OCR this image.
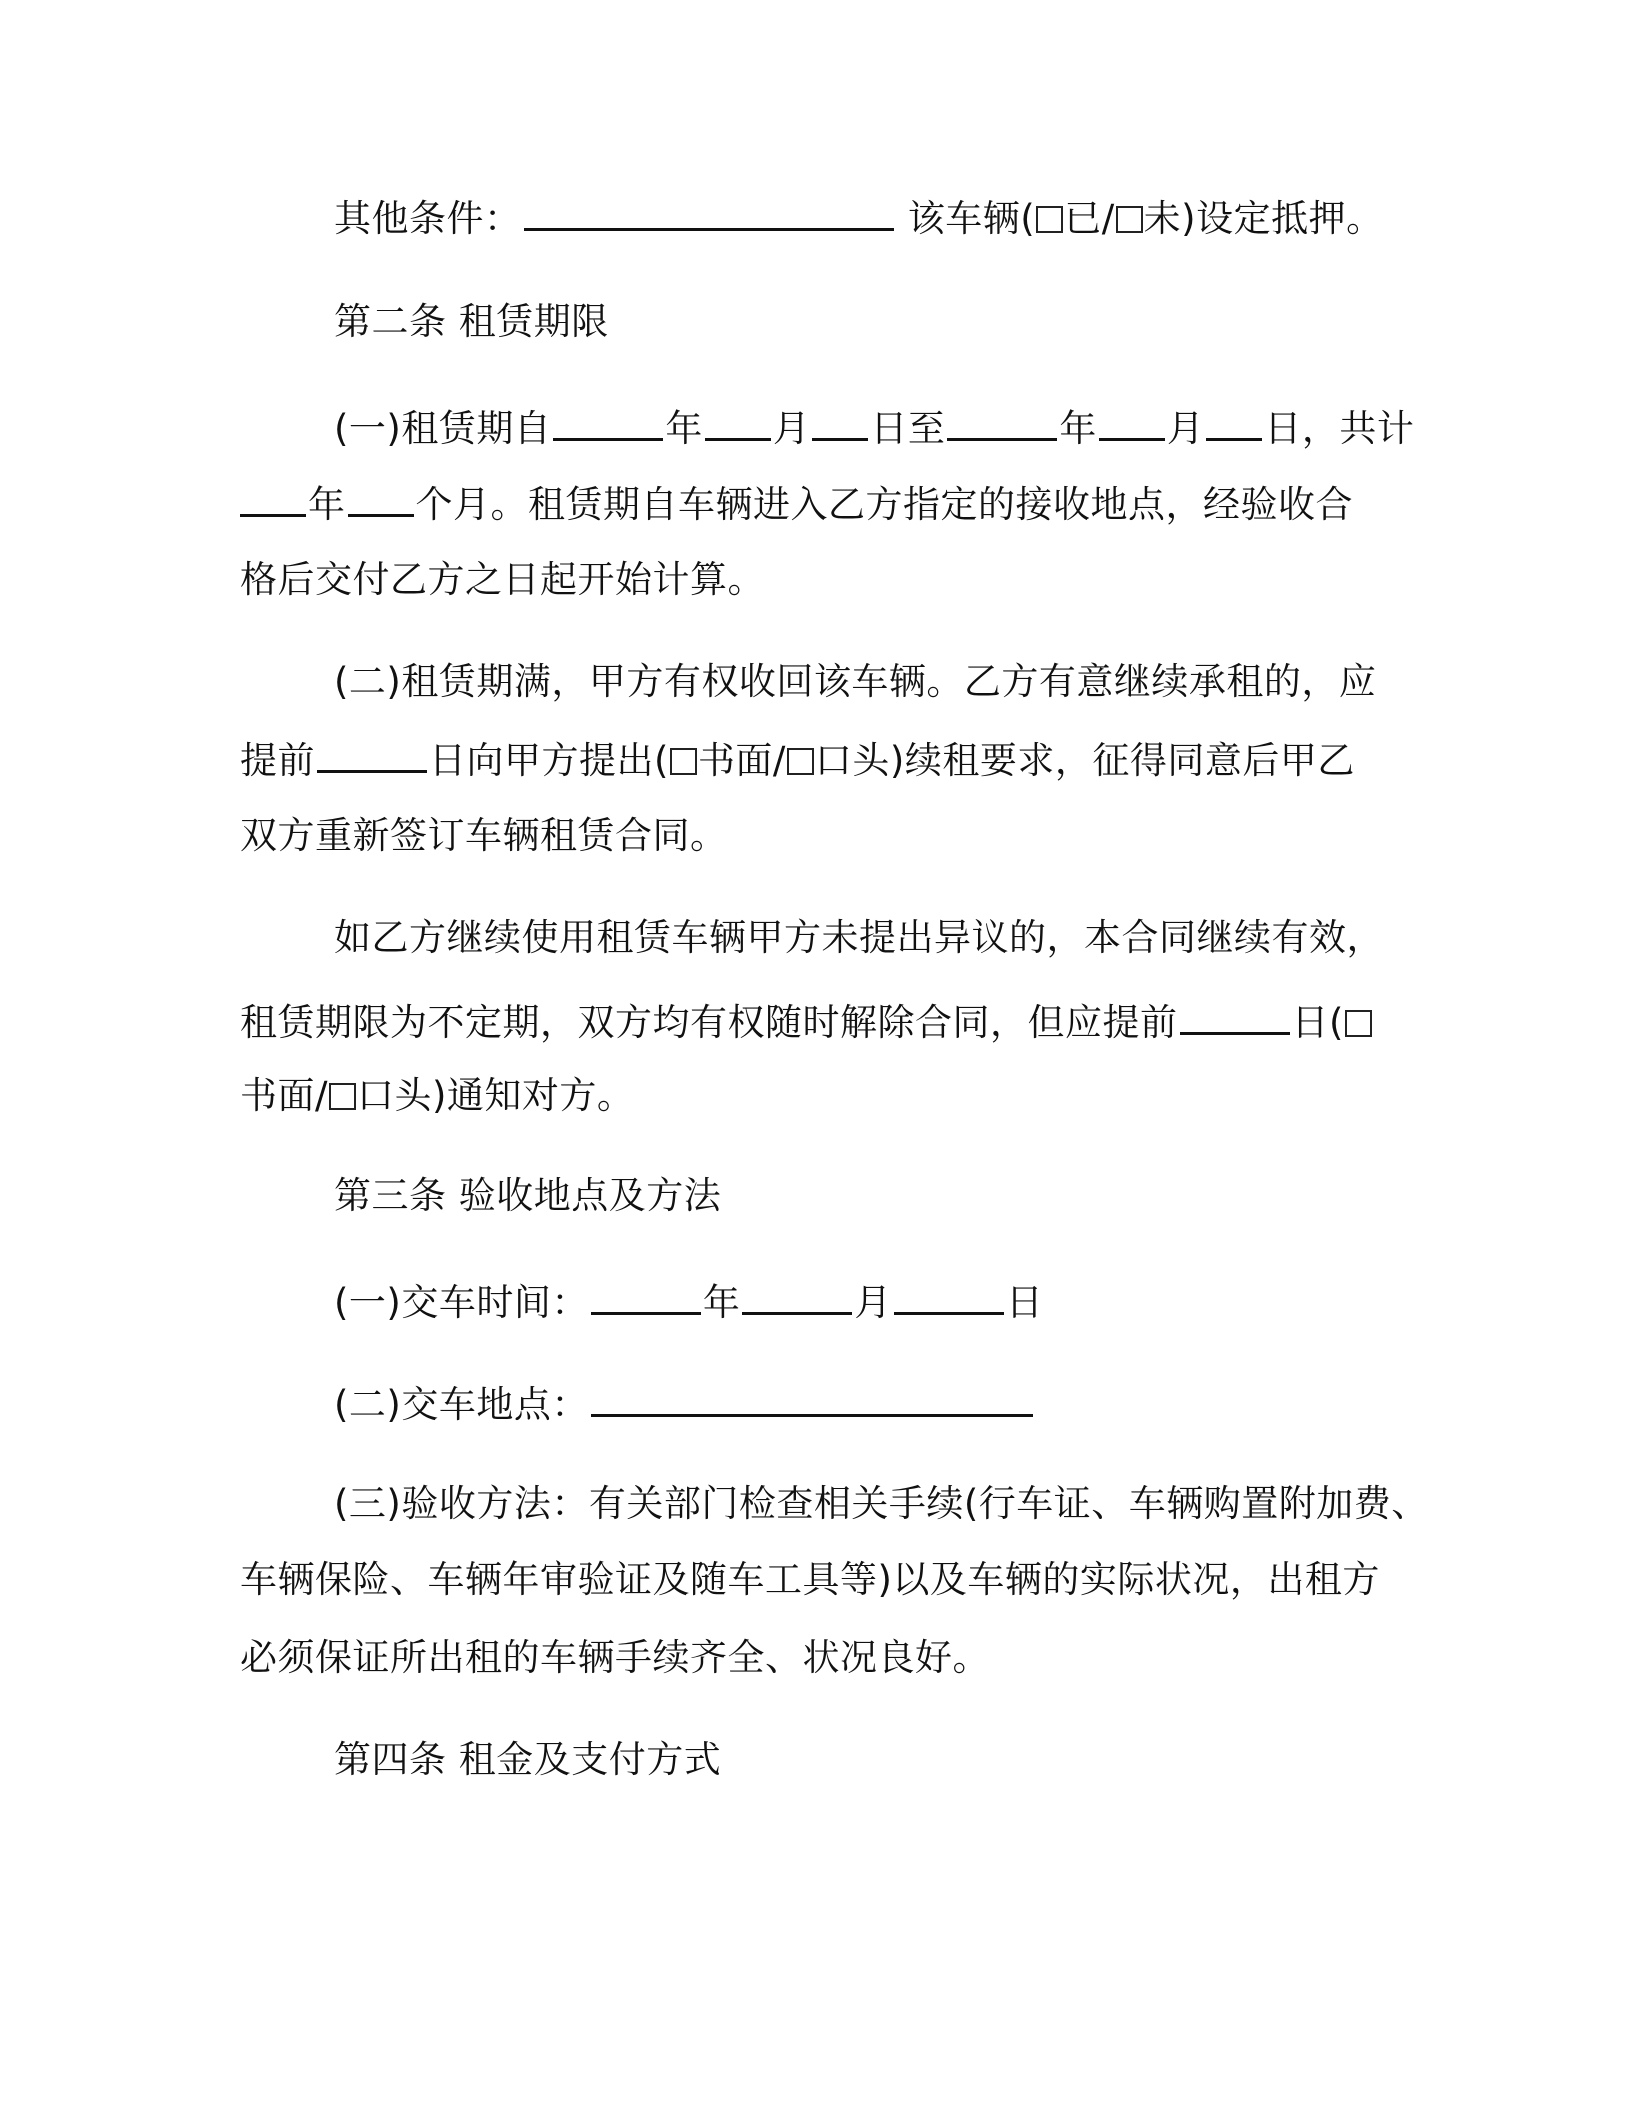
其他条件：	该车辆( 已/ 未)设定抵押。
第二条 租赁期限
(一)租赁期自	年 月 日至	年 月 日，共计
年 个月。租赁期自车辆进入乙方指定的接收地点，经验收合
格后交付乙方之日起开始计算。
(二)租赁期满，甲方有权收回该车辆。乙方有意继续承租的，应
提前	日向甲方提出( 书面/ 口头)续租要求，征得同意后甲乙
双方重新签订车辆租赁合同。
如乙方继续使用租赁车辆甲方未提出异议的，本合同继续有效，
租赁期限为不定期，双方均有权随时解除合同，但应提前	日(
书面/ 口头)通知对方。
第三条 验收地点及方法
(一)交车时间：	年	月	日
(二)交车地点：
(三)验收方法：有关部门检查相关手续(行车证、车辆购置附加费、
车辆保险、车辆年审验证及随车工具等)以及车辆的实际状况，出租方
必须保证所出租的车辆手续齐全、状况良好。
第四条 租金及支付方式
